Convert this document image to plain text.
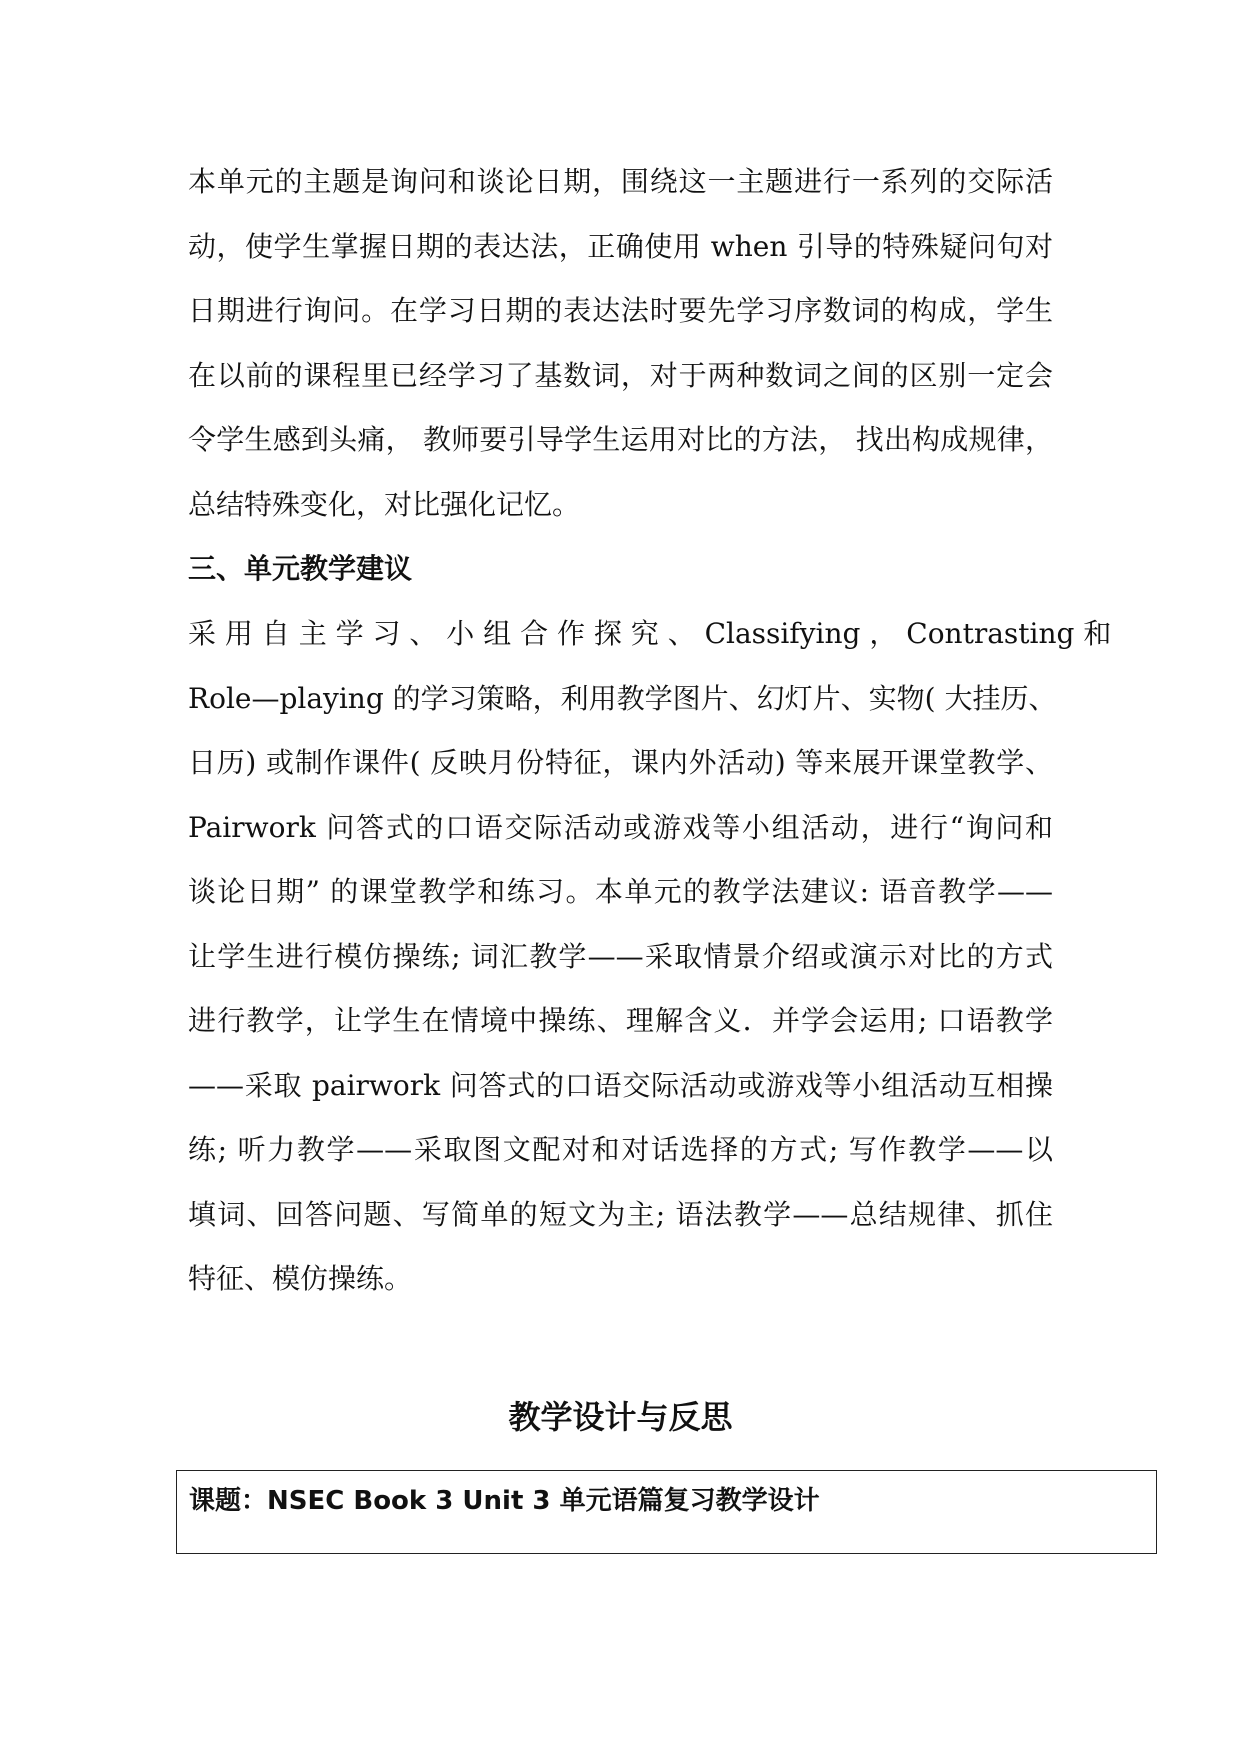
本单元的主题是询问和谈论日期，围绕这一主题进行一系列的交际活
动，使学生掌握日期的表达法，正确使用 when 引导的特殊疑问句对
日期进行询问。在学习日期的表达法时要先学习序数词的构成，学生
在以前的课程里已经学习了基数词，对于两种数词之间的区别一定会
令学生感到头痛， 教师要引导学生运用对比的方法， 找出构成规律，
总结特殊变化，对比强化记忆。

三、单元教学建议

采 用 自 主 学 习 、 小 组 合 作 探 究 、 Classifying ， Contrasting 和
Role—playing 的学习策略，利用教学图片、幻灯片、实物( 大挂历、
日历) 或制作课件( 反映月份特征，课内外活动) 等来展开课堂教学、
Pairwork 问答式的口语交际活动或游戏等小组活动，进行“询问和
谈论日期” 的课堂教学和练习。本单元的教学法建议: 语音教学——
让学生进行模仿操练; 词汇教学——采取情景介绍或演示对比的方式
进行教学，让学生在情境中操练、理解含义．并学会运用; 口语教学
——采取 pairwork 问答式的口语交际活动或游戏等小组活动互相操
练; 听力教学——采取图文配对和对话选择的方式; 写作教学——以
填词、回答问题、写简单的短文为主; 语法教学——总结规律、抓住
特征、模仿操练。

教学设计与反思
课题：NSEC Book 3 Unit 3 单元语篇复习教学设计
